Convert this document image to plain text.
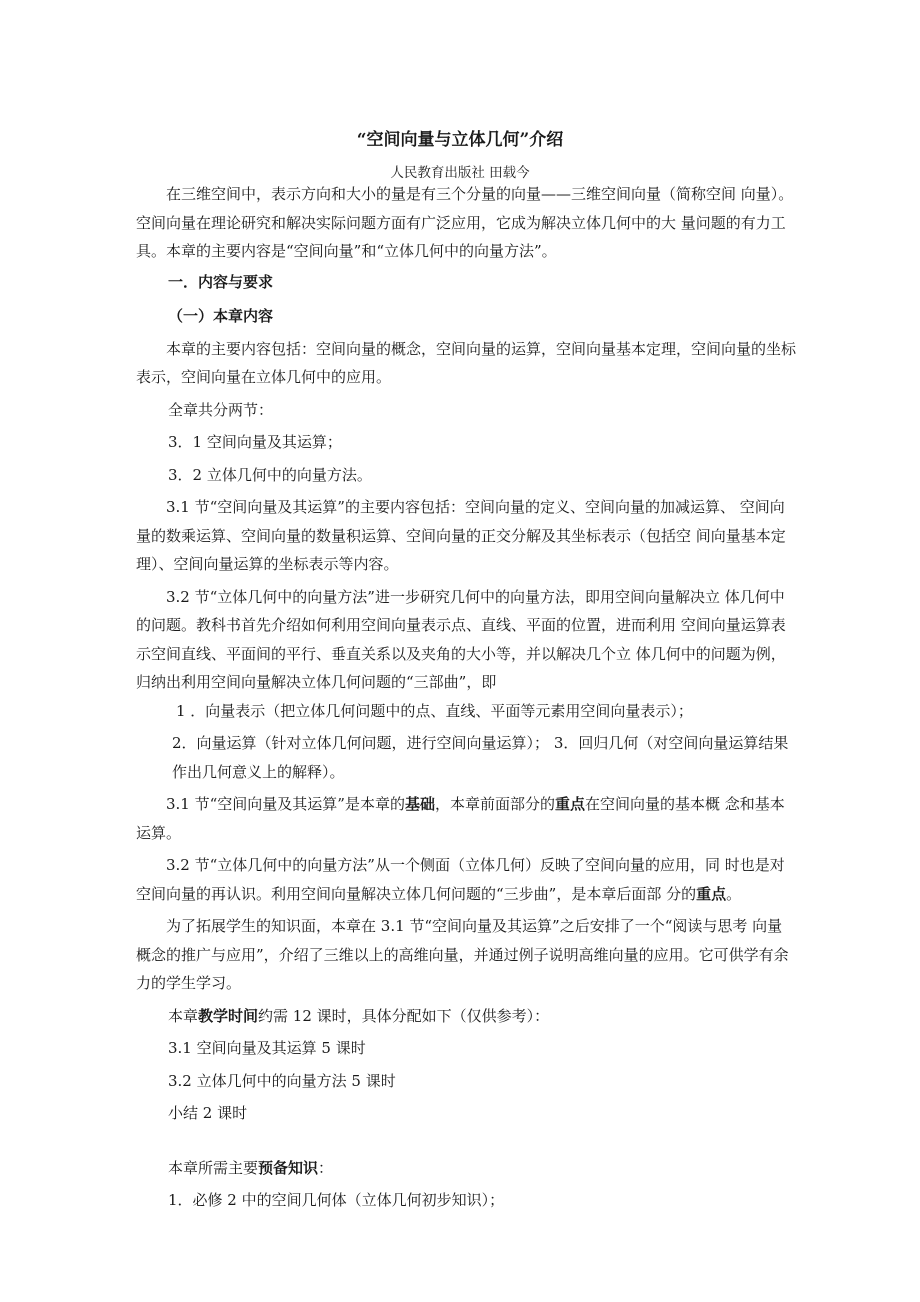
“空间向量与立体几何”介绍
人民教育出版社 田载今

在三维空间中，表示方向和大小的量是有三个分量的向量——三维空间向量（简称空间 向量）。空间向量在理论研究和解决实际问题方面有广泛应用，它成为解决立体几何中的大 量问题的有力工具。本章的主要内容是“空间向量”和“立体几何中的向量方法”。

一．内容与要求

（一）本章内容

本章的主要内容包括：空间向量的概念，空间向量的运算，空间向量基本定理，空间向量的坐标表示，空间向量在立体几何中的应用。

全章共分两节：

3．1 空间向量及其运算；

3．2 立体几何中的向量方法。

3.1 节“空间向量及其运算”的主要内容包括：空间向量的定义、空间向量的加减运算、 空间向量的数乘运算、空间向量的数量积运算、空间向量的正交分解及其坐标表示（包括空 间向量基本定理）、空间向量运算的坐标表示等内容。

3.2 节“立体几何中的向量方法”进一步研究几何中的向量方法，即用空间向量解决立 体几何中的问题。教科书首先介绍如何利用空间向量表示点、直线、平面的位置，进而利用 空间向量运算表示空间直线、平面间的平行、垂直关系以及夹角的大小等，并以解决几个立 体几何中的问题为例，归纳出利用空间向量解决立体几何问题的“三部曲”，即

1 ．向量表示（把立体几何问题中的点、直线、平面等元素用空间向量表示）；

2．向量运算（针对立体几何问题，进行空间向量运算）； 3．回归几何（对空间向量运算结果作出几何意义上的解释）。

3.1 节“空间向量及其运算”是本章的基础，本章前面部分的重点在空间向量的基本概 念和基本运算。

3.2 节“立体几何中的向量方法”从一个侧面（立体几何）反映了空间向量的应用，同 时也是对空间向量的再认识。利用空间向量解决立体几何问题的“三步曲”，是本章后面部 分的重点。

为了拓展学生的知识面，本章在 3.1 节“空间向量及其运算”之后安排了一个“阅读与思考 向量概念的推广与应用”，介绍了三维以上的高维向量，并通过例子说明高维向量的应用。它可供学有余力的学生学习。

本章教学时间约需 12 课时，具体分配如下（仅供参考）：

3.1 空间向量及其运算 5 课时

3.2 立体几何中的向量方法 5 课时

小结 2 课时

本章所需主要预备知识：

1．必修 2 中的空间几何体（立体几何初步知识）；
